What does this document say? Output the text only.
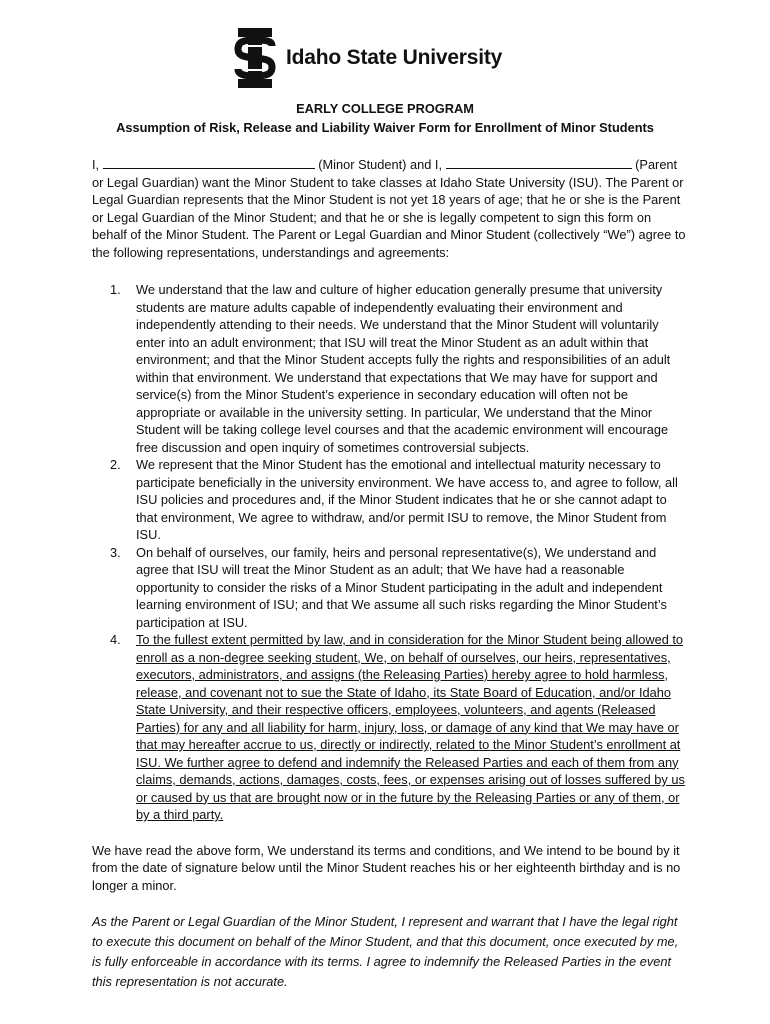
Idaho State University
EARLY COLLEGE PROGRAM
Assumption of Risk, Release and Liability Waiver Form for Enrollment of Minor Students

I,	(Minor Student) and I,	(Parent or Legal Guardian) want the Minor Student to take classes at Idaho State University (ISU). The Parent or Legal Guardian represents that the Minor Student is not yet 18 years of age; that he or she is the Parent or Legal Guardian of the Minor Student; and that he or she is legally competent to sign this form on behalf of the Minor Student. The Parent or Legal Guardian and Minor Student (collectively “We”) agree to the following representations, understandings and agreements:

1. We understand that the law and culture of higher education generally presume that university students are mature adults capable of independently evaluating their environment and independently attending to their needs. We understand that the Minor Student will voluntarily enter into an adult environment; that ISU will treat the Minor Student as an adult within that environment; and that the Minor Student accepts fully the rights and responsibilities of an adult within that environment. We understand that expectations that We may have for support and service(s) from the Minor Student’s experience in secondary education will often not be appropriate or available in the university setting. In particular, We understand that the Minor Student will be taking college level courses and that the academic environment will encourage free discussion and open inquiry of sometimes controversial subjects.
2. We represent that the Minor Student has the emotional and intellectual maturity necessary to participate beneficially in the university environment. We have access to, and agree to follow, all ISU policies and procedures and, if the Minor Student indicates that he or she cannot adapt to that environment, We agree to withdraw, and/or permit ISU to remove, the Minor Student from ISU.
3. On behalf of ourselves, our family, heirs and personal representative(s), We understand and agree that ISU will treat the Minor Student as an adult; that We have had a reasonable opportunity to consider the risks of a Minor Student participating in the adult and independent learning environment of ISU; and that We assume all such risks regarding the Minor Student’s participation at ISU.
4. To the fullest extent permitted by law, and in consideration for the Minor Student being allowed to enroll as a non-degree seeking student, We, on behalf of ourselves, our heirs, representatives, executors, administrators, and assigns (the Releasing Parties) hereby agree to hold harmless, release, and covenant not to sue the State of Idaho, its State Board of Education, and/or Idaho State University, and their respective officers, employees, volunteers, and agents (Released Parties) for any and all liability for harm, injury, loss, or damage of any kind that We may have or that may hereafter accrue to us, directly or indirectly, related to the Minor Student’s enrollment at ISU. We further agree to defend and indemnify the Released Parties and each of them from any claims, demands, actions, damages, costs, fees, or expenses arising out of losses suffered by us or caused by us that are brought now or in the future by the Releasing Parties or any of them, or by a third party.

We have read the above form, We understand its terms and conditions, and We intend to be bound by it from the date of signature below until the Minor Student reaches his or her eighteenth birthday and is no longer a minor.

As the Parent or Legal Guardian of the Minor Student, I represent and warrant that I have the legal right to execute this document on behalf of the Minor Student, and that this document, once executed by me, is fully enforceable in accordance with its terms. I agree to indemnify the Released Parties in the event this representation is not accurate.
